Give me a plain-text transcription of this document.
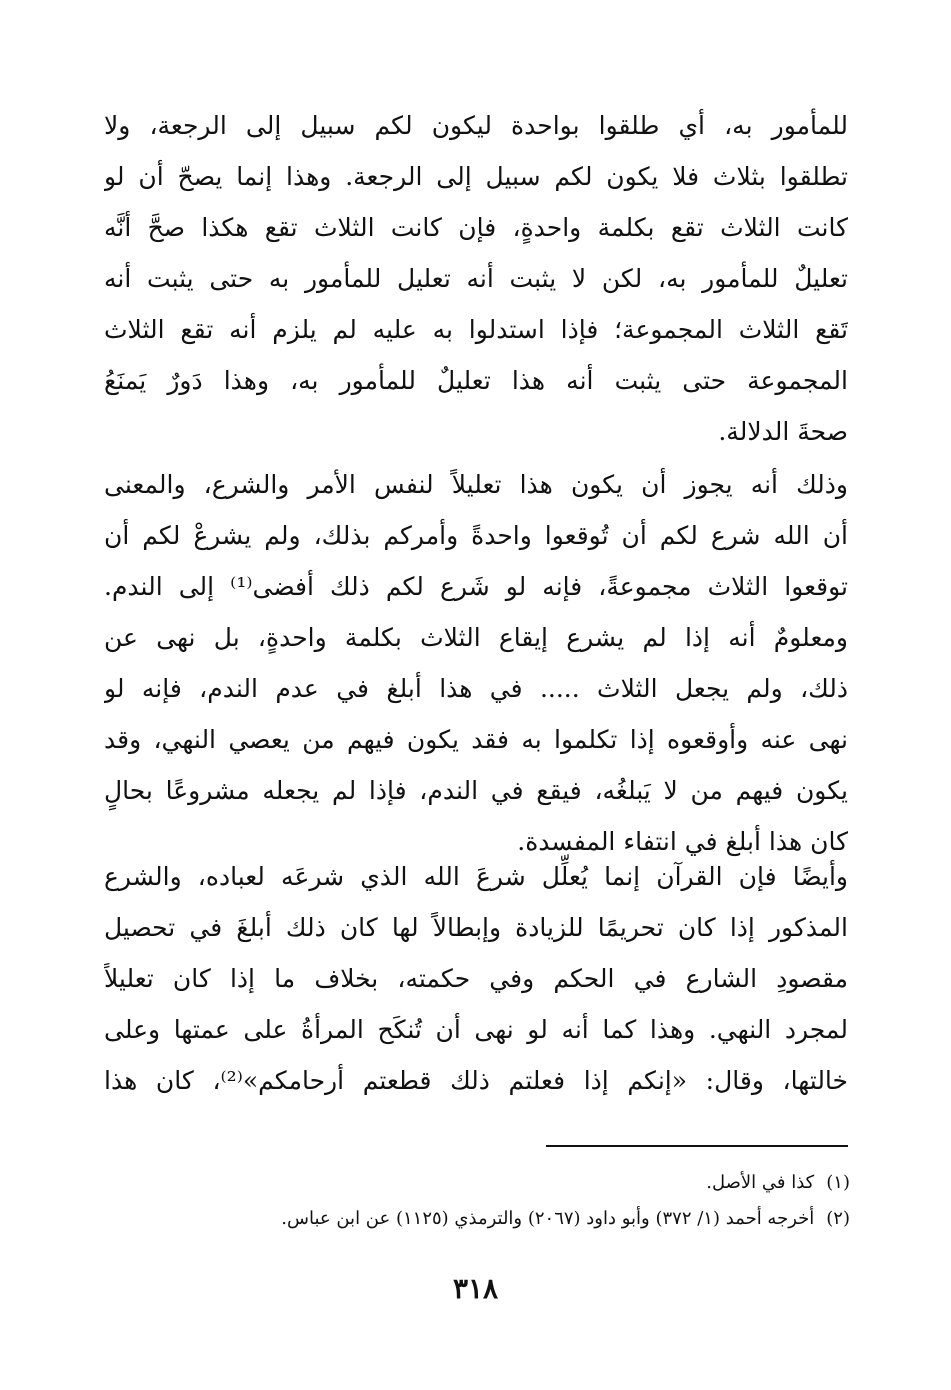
للمأمور به، أي طلقوا بواحدة ليكون لكم سبيل إلى الرجعة، ولا
تطلقوا بثلاث فلا يكون لكم سبيل إلى الرجعة. وهذا إنما يصحّ أن لو
كانت الثلاث تقع بكلمة واحدةٍ، فإن كانت الثلاث تقع هكذا صحَّ أنَّه
تعليلٌ للمأمور به، لكن لا يثبت أنه تعليل للمأمور به حتى يثبت أنه
تَقع الثلاث المجموعة؛ فإذا استدلوا به عليه لم يلزم أنه تقع الثلاث
المجموعة حتى يثبت أنه هذا تعليلٌ للمأمور به، وهذا دَورٌ يَمنَعُ
صحةَ الدلالة.
وذلك أنه يجوز أن يكون هذا تعليلاً لنفس الأمر والشرع، والمعنى
أن الله شرع لكم أن تُوقعوا واحدةً وأمركم بذلك، ولم يشرعْ لكم أن
توقعوا الثلاث مجموعةً، فإنه لو شَرع لكم ذلك أفضى⁽¹⁾ إلى الندم.
ومعلومٌ أنه إذا لم يشرع إيقاع الثلاث بكلمة واحدةٍ، بل نهى عن
ذلك، ولم يجعل الثلاث ..... في هذا أبلغ في عدم الندم، فإنه لو
نهى عنه وأوقعوه إذا تكلموا به فقد يكون فيهم من يعصي النهي، وقد
يكون فيهم من لا يَبلغُه، فيقع في الندم، فإذا لم يجعله مشروعًا بحالٍ
كان هذا أبلغ في انتفاء المفسدة.
وأيضًا فإن القرآن إنما يُعلِّل شرعَ الله الذي شرعَه لعباده، والشرع
المذكور إذا كان تحريمًا للزيادة وإبطالاً لها كان ذلك أبلغَ في تحصيل
مقصودِ الشارع في الحكم وفي حكمته، بخلاف ما إذا كان تعليلاً
لمجرد النهي. وهذا كما أنه لو نهى أن تُنكَح المرأةُ على عمتها وعلى
خالتها، وقال: «إنكم إذا فعلتم ذلك قطعتم أرحامكم»⁽²⁾، كان هذا
(١)كذا في الأصل.
(٢)أخرجه أحمد (١/ ٣٧٢) وأبو داود (٢٠٦٧) والترمذي (١١٢٥) عن ابن عباس.
٣١٨
